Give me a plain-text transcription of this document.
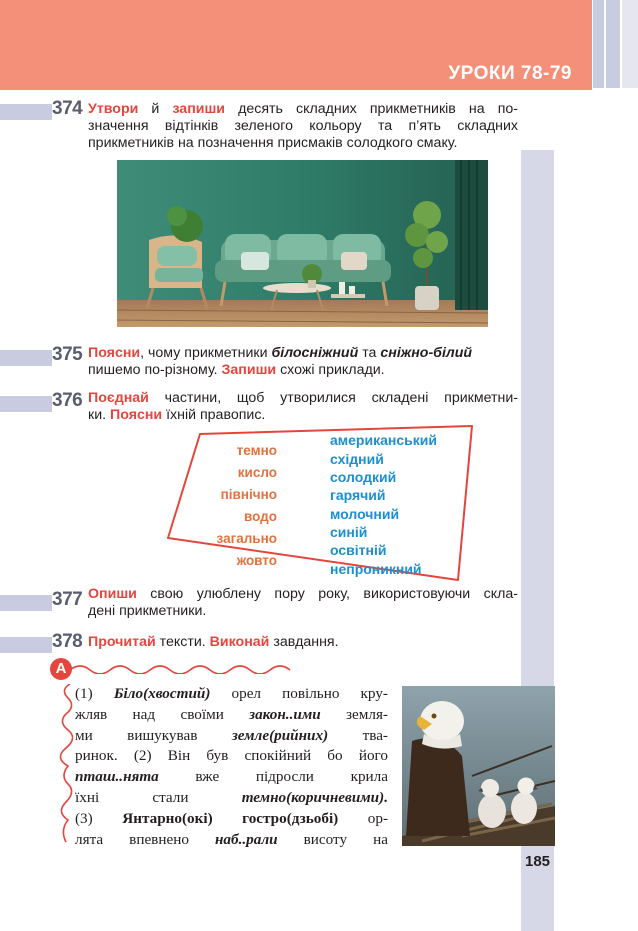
УРОКИ 78-79
374 Утвори й запиши десять складних прикметників на по-
значення відтінків зеленого кольору та п’ять складних
прикметників на позначення присмаків солодкого смаку.
375 Поясни, чому прикметники білосніжний та сніжно-білий
пишемо по-різному. Запиши схожі приклади.
376 Поєднай частини, щоб утворилися складені прикметни-
ки. Поясни їхній правопис.
темно
кисло
північно
водо
загально
жовто
американський
східний
солодкий
гарячий
молочний
синій
освітній
непроникний
377 Опиши свою улюблену пору року, використовуючи скла-
дені прикметники.
378 Прочитай тексти. Виконай завдання.
А
(1) Біло(хвостий) орел повільно кру-
жляв над своїми закон..ими земля-
ми вишукував земле(рийних) тва-
ринок. (2) Він був спокійний бо його
пташ..нята вже підросли крила
їхні стали темно(коричневими).
(3) Янтарно(окі) гостро(дзьобі) ор-
лята впевнено наб..рали висоту на
185
